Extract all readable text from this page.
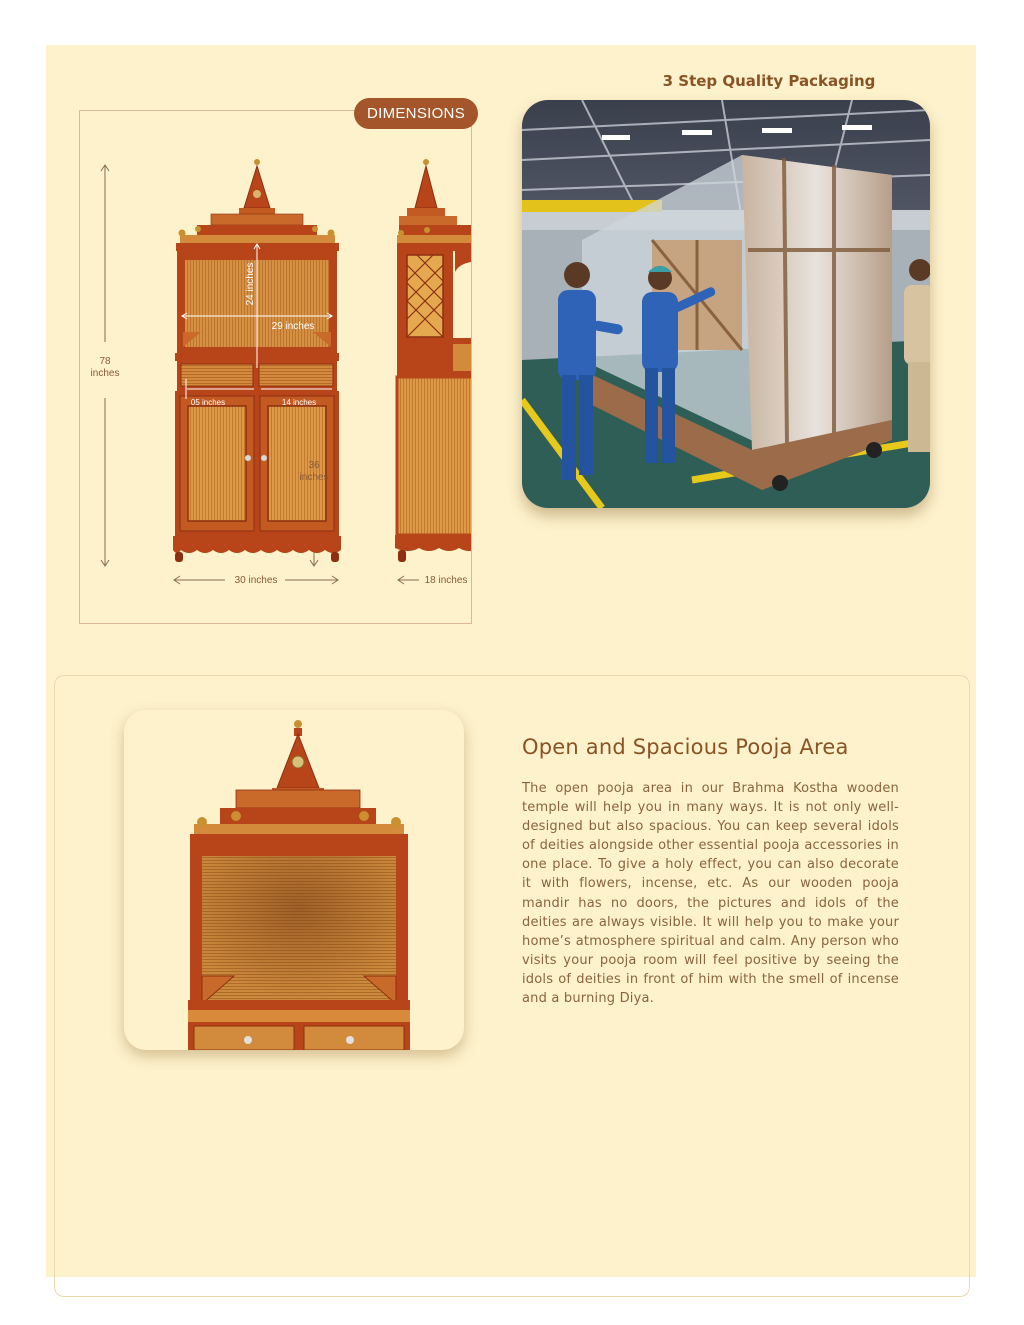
78
inches
24 inches
29 inches
05 inches	14 inches
36
inches
30 inches	18 inches
DIMENSIONS
3 Step Quality Packaging
Open and Spacious Pooja Area
The open pooja area in our Brahma Kostha wooden temple will help you in many ways. It is not only well-designed but also spacious. You can keep several idols of deities alongside other essential pooja accessories in one place. To give a holy effect, you can also decorate it with flowers, incense, etc. As our wooden pooja mandir has no doors, the pictures and idols of the deities are always visible. It will help you to make your home’s atmosphere spiritual and calm. Any person who visits your pooja room will feel positive by seeing the idols of deities in front of him with the smell of incense and a burning Diya.
